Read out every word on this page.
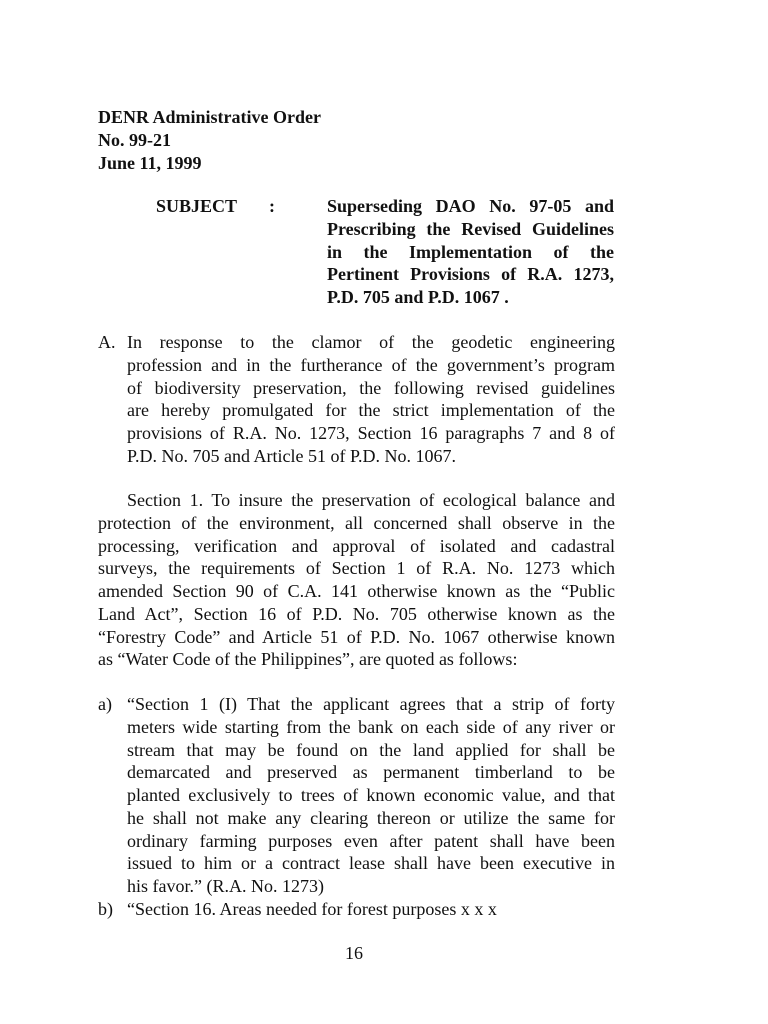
DENR Administrative Order
No. 99-21
June 11, 1999
SUBJECT :	Superseding DAO No. 97-05 and
Prescribing the Revised Guidelines
in the Implementation of the
Pertinent Provisions of R.A. 1273,
P.D. 705 and P.D. 1067 .
A. In response to the clamor of the geodetic engineering
profession and in the furtherance of the government’s program
of biodiversity preservation, the following revised guidelines
are hereby promulgated for the strict implementation of the
provisions of R.A. No. 1273, Section 16 paragraphs 7 and 8 of
P.D. No. 705 and Article 51 of P.D. No. 1067.
Section 1. To insure the preservation of ecological balance and
protection of the environment, all concerned shall observe in the
processing, verification and approval of isolated and cadastral
surveys, the requirements of Section 1 of R.A. No. 1273 which
amended Section 90 of C.A. 141 otherwise known as the “Public
Land Act”, Section 16 of P.D. No. 705 otherwise known as the
“Forestry Code” and Article 51 of P.D. No. 1067 otherwise known
as “Water Code of the Philippines”, are quoted as follows:
a) “Section 1 (I) That the applicant agrees that a strip of forty
meters wide starting from the bank on each side of any river or
stream that may be found on the land applied for shall be
demarcated and preserved as permanent timberland to be
planted exclusively to trees of known economic value, and that
he shall not make any clearing thereon or utilize the same for
ordinary farming purposes even after patent shall have been
issued to him or a contract lease shall have been executive in
his favor.” (R.A. No. 1273)
b) “Section 16. Areas needed for forest purposes x x x
16
